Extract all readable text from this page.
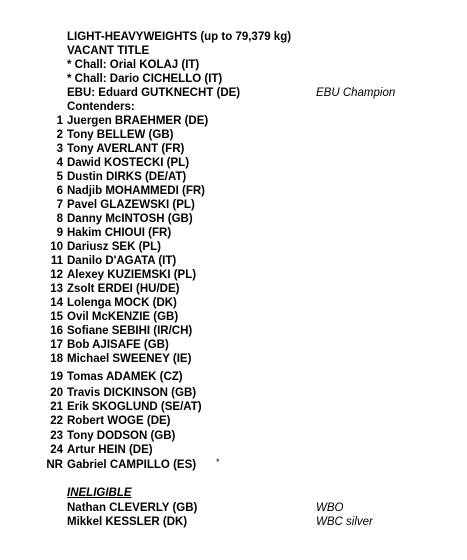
LIGHT-HEAVYWEIGHTS (up to 79,379 kg)
VACANT TITLE
* Chall: Orial KOLAJ (IT)
* Chall: Dario CICHELLO (IT)
EBU: Eduard GUTKNECHT (DE)	EBU Champion
Contenders:
1 Juergen BRAEHMER (DE)
2 Tony BELLEW (GB)
3 Tony AVERLANT (FR)
4 Dawid KOSTECKI (PL)
5 Dustin DIRKS (DE/AT)
6 Nadjib MOHAMMEDI (FR)
7 Pavel GLAZEWSKI (PL)
8 Danny McINTOSH (GB)
9 Hakim CHIOUI (FR)
10 Dariusz SEK (PL)
11 Danilo D'AGATA (IT)
12 Alexey KUZIEMSKI (PL)
13 Zsolt ERDEI (HU/DE)
14 Lolenga MOCK (DK)
15 Ovil McKENZIE (GB)
16 Sofiane SEBIHI (IR/CH)
17 Bob AJISAFE (GB)
18 Michael SWEENEY (IE)
19 Tomas ADAMEK (CZ)
20 Travis DICKINSON (GB)
21 Erik SKOGLUND (SE/AT)
22 Robert WOGE (DE)
23 Tony DODSON (GB)
24 Artur HEIN (DE)
NR Gabriel CAMPILLO (ES) *
INELIGIBLE
Nathan CLEVERLY (GB)	WBO
Mikkel KESSLER (DK)	WBC silver
